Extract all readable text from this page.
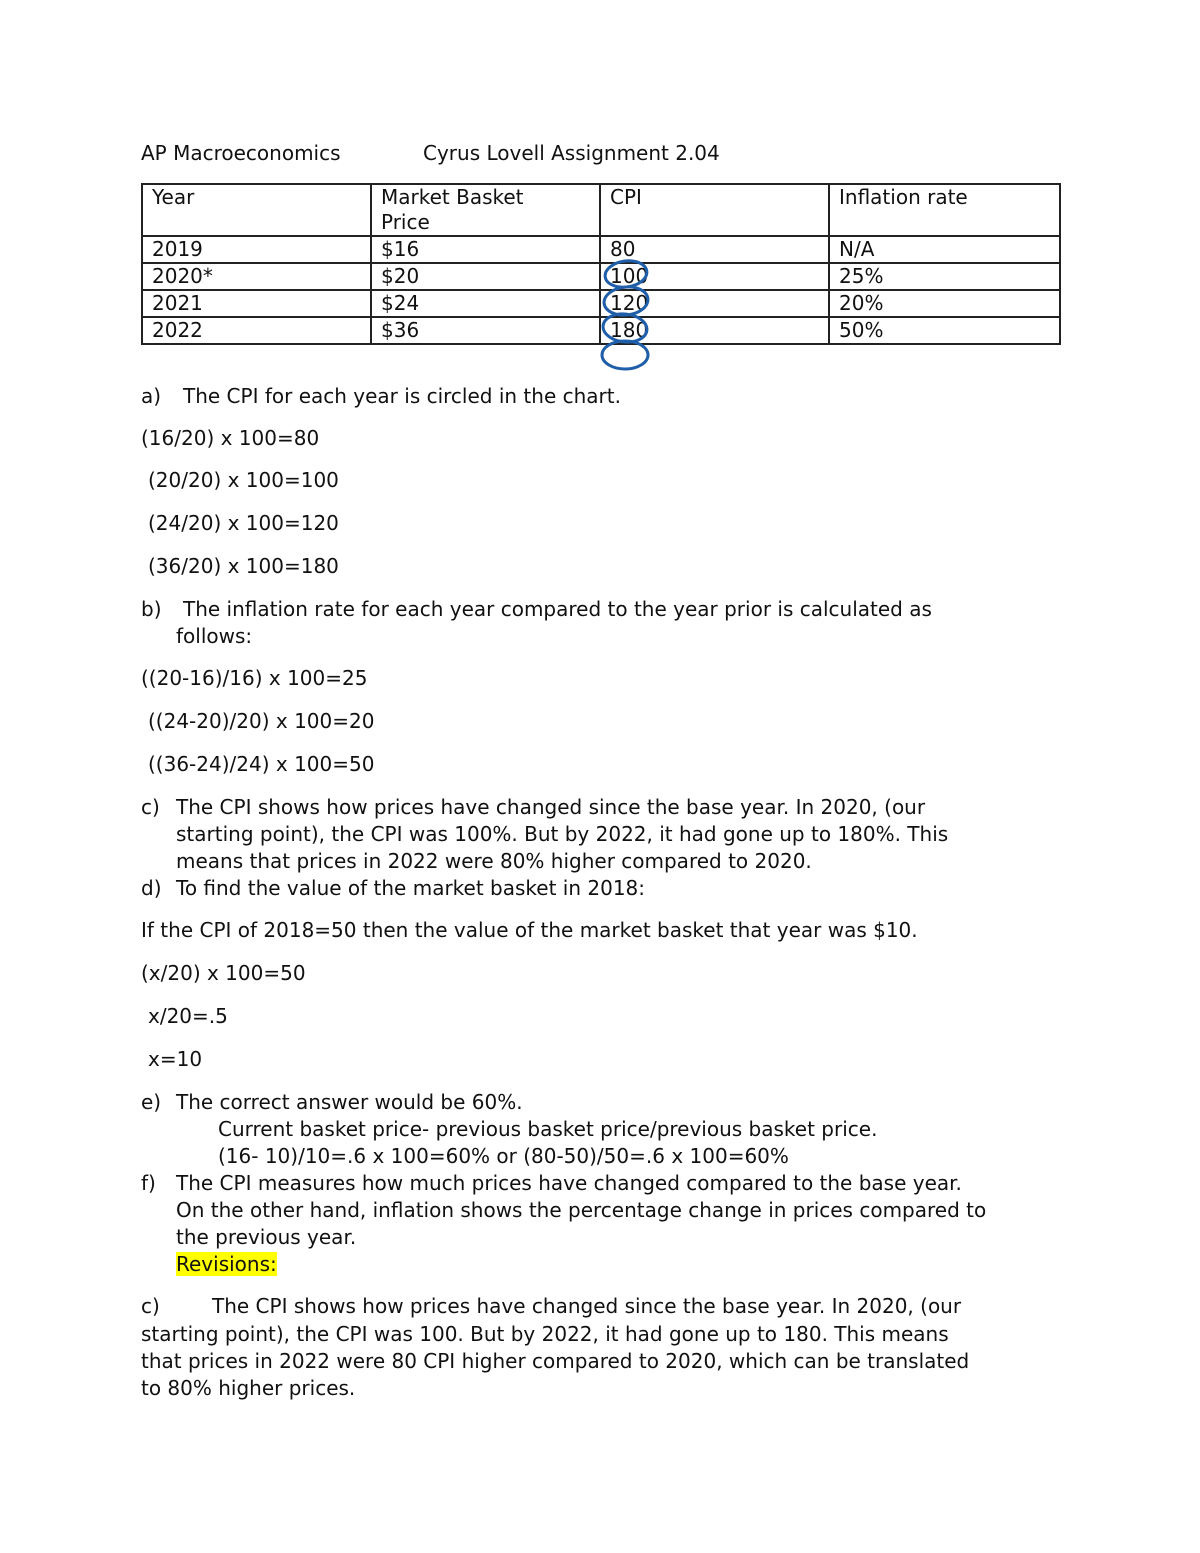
AP Macroeconomics	Cyrus Lovell Assignment 2.04
Year	Market Basket Price	CPI	Inflation rate
2019	$16	80	N/A
2020*	$20	100	25%
2021	$24	120	20%
2022	$36	180	50%
a) The CPI for each year is circled in the chart.
(16/20) x 100=80
(20/20) x 100=100
(24/20) x 100=120
(36/20) x 100=180
b) The inflation rate for each year compared to the year prior is calculated as
follows:
((20-16)/16) x 100=25
((24-20)/20) x 100=20
((36-24)/24) x 100=50
c) The CPI shows how prices have changed since the base year. In 2020, (our
starting point), the CPI was 100%. But by 2022, it had gone up to 180%. This
means that prices in 2022 were 80% higher compared to 2020.
d) To find the value of the market basket in 2018:
If the CPI of 2018=50 then the value of the market basket that year was $10.
(x/20) x 100=50
x/20=.5
x=10
e) The correct answer would be 60%.
Current basket price- previous basket price/previous basket price.
(16- 10)/10=.6 x 100=60% or (80-50)/50=.6 x 100=60%
f) The CPI measures how much prices have changed compared to the base year.
On the other hand, inflation shows the percentage change in prices compared to
the previous year.
Revisions:
c)	The CPI shows how prices have changed since the base year. In 2020, (our
starting point), the CPI was 100. But by 2022, it had gone up to 180. This means
that prices in 2022 were 80 CPI higher compared to 2020, which can be translated
to 80% higher prices.
